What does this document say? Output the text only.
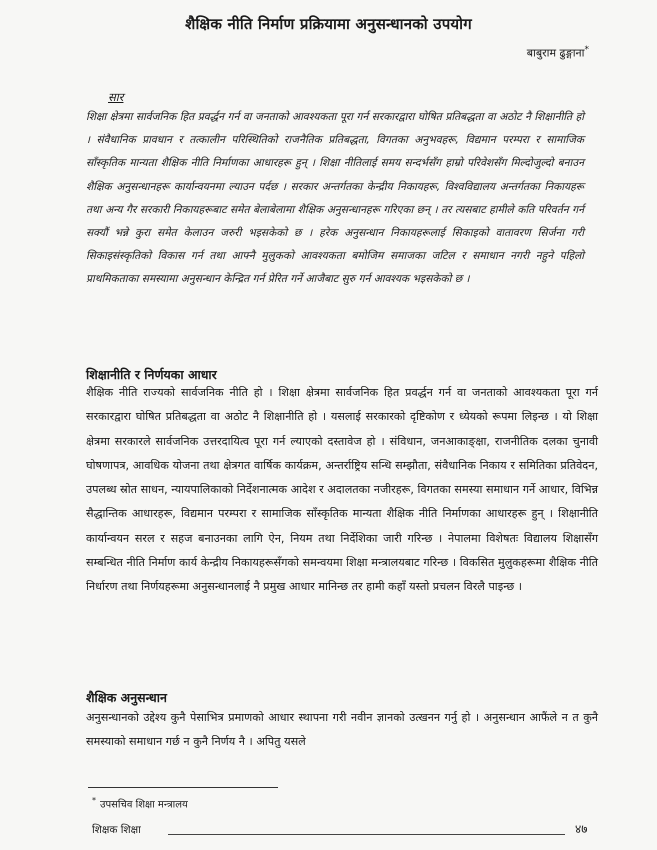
शैक्षिक नीति निर्माण प्रक्रियामा अनुसन्धानको उपयोग
बाबुराम ढुङ्गाना*
सार
शिक्षा क्षेत्रमा सार्वजनिक हित प्रवर्द्धन गर्न वा जनताको आवश्यकता पूरा गर्न सरकारद्वारा घोषित प्रतिबद्धता वा अठोट नै शिक्षानीति हो । संवैधानिक प्रावधान र तत्कालीन परिस्थितिको राजनैतिक प्रतिबद्धता, विगतका अनुभवहरू, विद्यमान परम्परा र सामाजिक साँस्कृतिक मान्यता शैक्षिक नीति निर्माणका आधारहरू हुन् । शिक्षा नीतिलाई समय सन्दर्भसँग हाम्रो परिवेशसँग मिल्दोजुल्दो बनाउन शैक्षिक अनुसन्धानहरू कार्यान्वयनमा ल्याउन पर्दछ । सरकार अन्तर्गतका केन्द्रीय निकायहरू, विश्वविद्यालय अन्तर्गतका निकायहरू तथा अन्य गैर सरकारी निकायहरूबाट समेत बेलाबेलामा शैक्षिक अनुसन्धानहरू गरिएका छन् । तर त्यसबाट हामीले कति परिवर्तन गर्न सक्यौं भन्ने कुरा समेत केलाउन जरुरी भइसकेको छ । हरेक अनुसन्धान निकायहरूलाई सिकाइको वातावरण सिर्जना गरी सिकाइसंस्कृतिको विकास गर्न तथा आफ्नै मुलुकको आवश्यकता बमोजिम समाजका जटिल र समाधान नगरी नहुने पहिलो प्राथमिकताका समस्यामा अनुसन्धान केन्द्रित गर्न प्रेरित गर्ने आजैबाट सुरु गर्न आवश्यक भइसकेको छ ।
शिक्षानीति र निर्णयका आधार
शैक्षिक नीति राज्यको सार्वजनिक नीति हो । शिक्षा क्षेत्रमा सार्वजनिक हित प्रवर्द्धन गर्न वा जनताको आवश्यकता पूरा गर्न सरकारद्वारा घोषित प्रतिबद्धता वा अठोट नै शिक्षानीति हो । यसलाई सरकारको दृष्टिकोण र ध्येयको रूपमा लिइन्छ । यो शिक्षा क्षेत्रमा सरकारले सार्वजनिक उत्तरदायित्व पूरा गर्न ल्याएको दस्तावेज हो । संविधान, जनआकाङ्क्षा, राजनीतिक दलका चुनावी घोषणापत्र, आवधिक योजना तथा क्षेत्रगत वार्षिक कार्यक्रम, अन्तर्राष्ट्रिय सन्धि सम्झौता, संवैधानिक निकाय र समितिका प्रतिवेदन, उपलब्ध स्रोत साधन, न्यायपालिकाको निर्देशनात्मक आदेश र अदालतका नजीरहरू, विगतका समस्या समाधान गर्ने आधार, विभिन्न सैद्धान्तिक आधारहरू, विद्यमान परम्परा र सामाजिक साँस्कृतिक मान्यता शैक्षिक नीति निर्माणका आधारहरू हुन् । शिक्षानीति कार्यान्वयन सरल र सहज बनाउनका लागि ऐन, नियम तथा निर्देशिका जारी गरिन्छ । नेपालमा विशेषतः विद्यालय शिक्षासँग सम्बन्धित नीति निर्माण कार्य केन्द्रीय निकायहरूसँगको समन्वयमा शिक्षा मन्त्रालयबाट गरिन्छ । विकसित मुलुकहरूमा शैक्षिक नीति निर्धारण तथा निर्णयहरूमा अनुसन्धानलाई नै प्रमुख आधार मानिन्छ तर हामी कहाँ यस्तो प्रचलन विरलै पाइन्छ ।
शैक्षिक अनुसन्धान
अनुसन्धानको उद्देश्य कुनै पेसाभित्र प्रमाणको आधार स्थापना गरी नवीन ज्ञानको उत्खनन गर्नु हो । अनुसन्धान आफैंले न त कुनै समस्याको समाधान गर्छ न कुनै निर्णय नै । अपितु यसले
* उपसचिव शिक्षा मन्त्रालय
शिक्षक शिक्षा	४७
